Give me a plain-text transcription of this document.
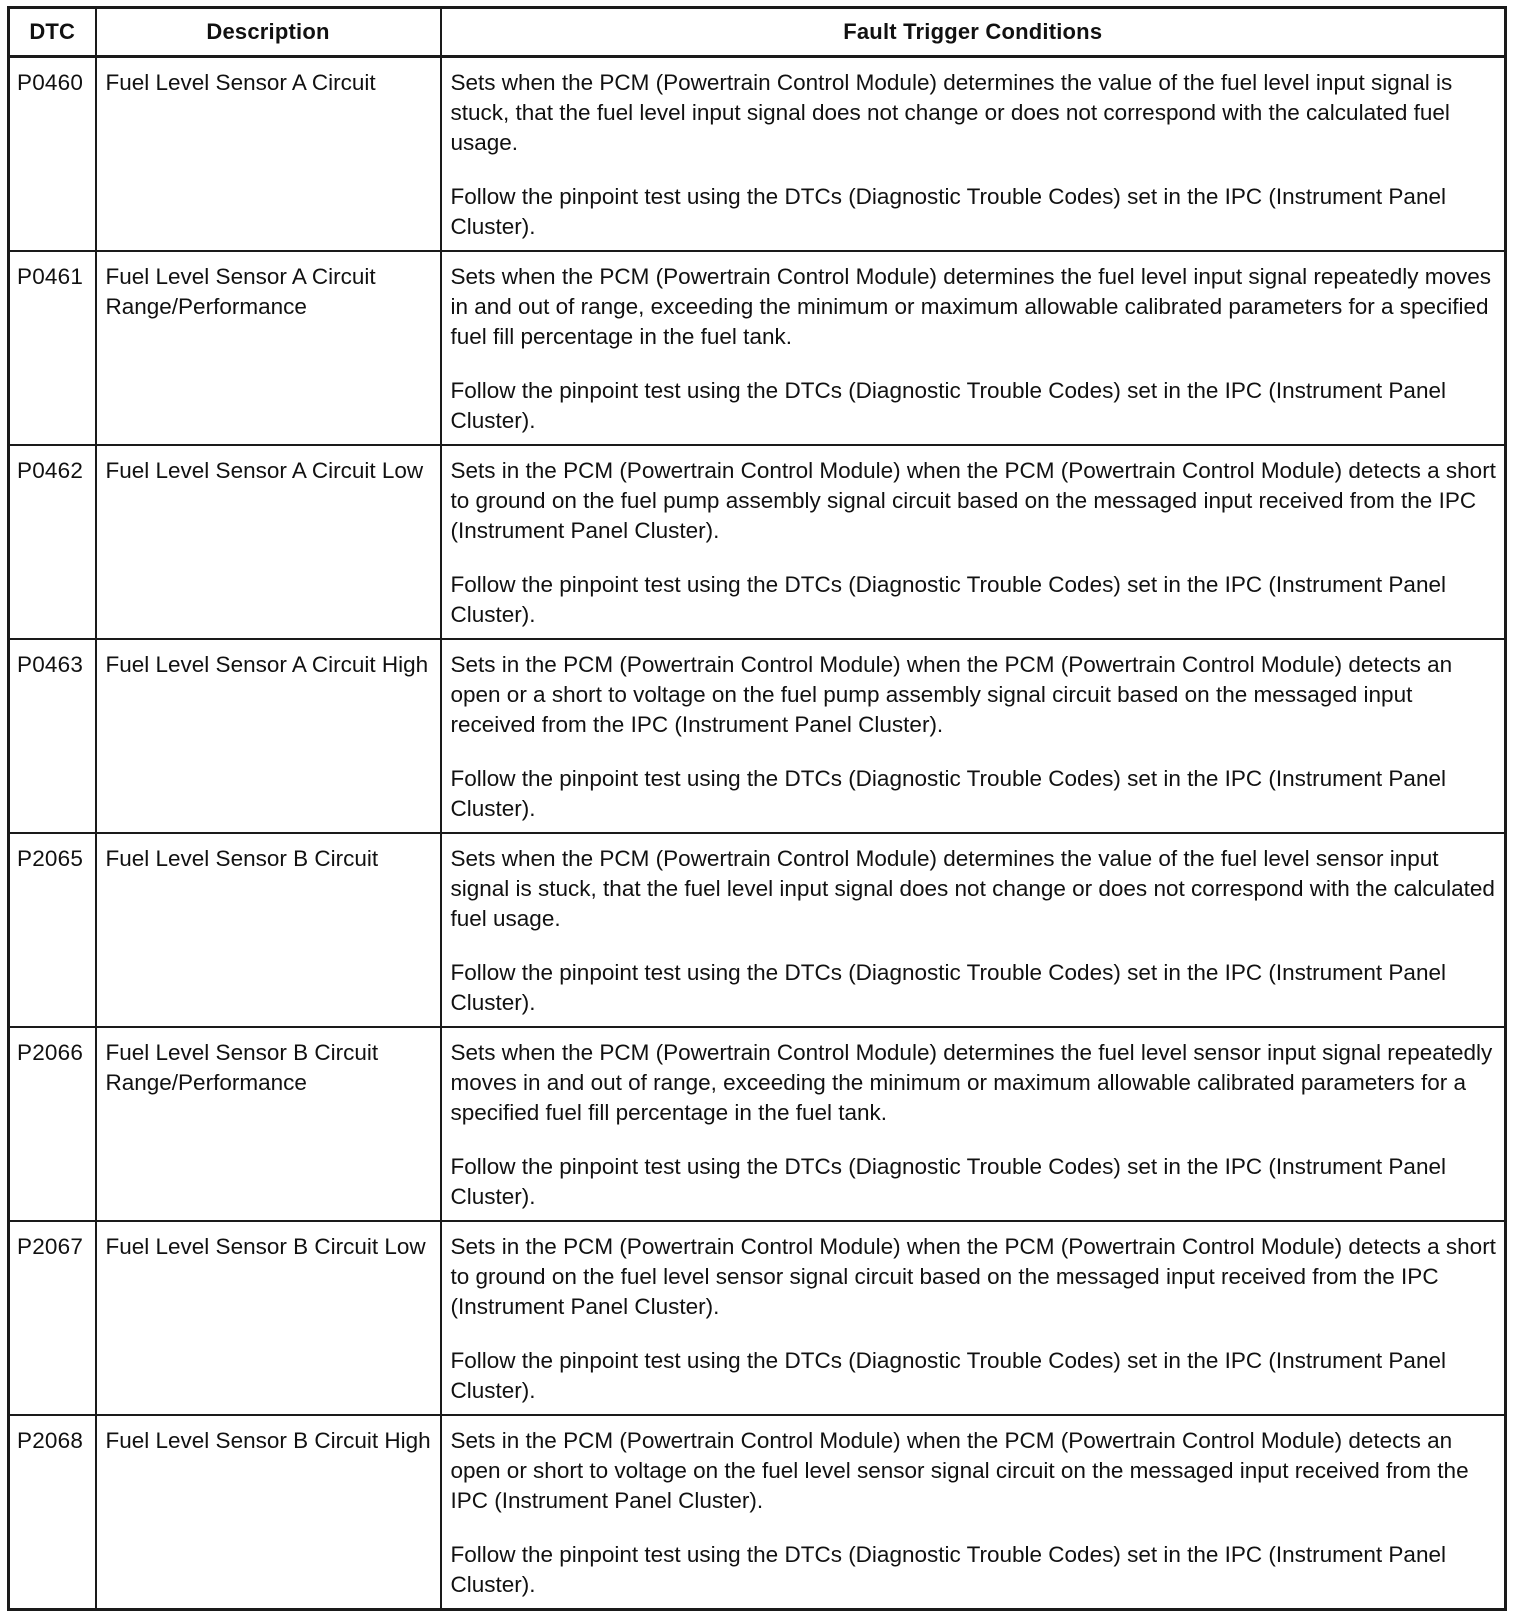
DTC	Description	Fault Trigger Conditions
P0460	Fuel Level Sensor A Circuit	Sets when the PCM (Powertrain Control Module) determines the value of the fuel level input signal is stuck, that the fuel level input signal does not change or does not correspond with the calculated fuel usage.

Follow the pinpoint test using the DTCs (Diagnostic Trouble Codes) set in the IPC (Instrument Panel Cluster).

P0461	Fuel Level Sensor A Circuit Range/Performance	Sets when the PCM (Powertrain Control Module) determines the fuel level input signal repeatedly moves in and out of range, exceeding the minimum or maximum allowable calibrated parameters for a specified fuel fill percentage in the fuel tank.

Follow the pinpoint test using the DTCs (Diagnostic Trouble Codes) set in the IPC (Instrument Panel Cluster).

P0462	Fuel Level Sensor A Circuit Low	Sets in the PCM (Powertrain Control Module) when the PCM (Powertrain Control Module) detects a short to ground on the fuel pump assembly signal circuit based on the messaged input received from the IPC (Instrument Panel Cluster).

Follow the pinpoint test using the DTCs (Diagnostic Trouble Codes) set in the IPC (Instrument Panel Cluster).

P0463	Fuel Level Sensor A Circuit High	Sets in the PCM (Powertrain Control Module) when the PCM (Powertrain Control Module) detects an open or a short to voltage on the fuel pump assembly signal circuit based on the messaged input received from the IPC (Instrument Panel Cluster).

Follow the pinpoint test using the DTCs (Diagnostic Trouble Codes) set in the IPC (Instrument Panel Cluster).

P2065	Fuel Level Sensor B Circuit	Sets when the PCM (Powertrain Control Module) determines the value of the fuel level sensor input signal is stuck, that the fuel level input signal does not change or does not correspond with the calculated fuel usage.

Follow the pinpoint test using the DTCs (Diagnostic Trouble Codes) set in the IPC (Instrument Panel Cluster).

P2066	Fuel Level Sensor B Circuit Range/Performance	Sets when the PCM (Powertrain Control Module) determines the fuel level sensor input signal repeatedly moves in and out of range, exceeding the minimum or maximum allowable calibrated parameters for a specified fuel fill percentage in the fuel tank.

Follow the pinpoint test using the DTCs (Diagnostic Trouble Codes) set in the IPC (Instrument Panel Cluster).

P2067	Fuel Level Sensor B Circuit Low	Sets in the PCM (Powertrain Control Module) when the PCM (Powertrain Control Module) detects a short to ground on the fuel level sensor signal circuit based on the messaged input received from the IPC (Instrument Panel Cluster).

Follow the pinpoint test using the DTCs (Diagnostic Trouble Codes) set in the IPC (Instrument Panel Cluster).

P2068	Fuel Level Sensor B Circuit High	Sets in the PCM (Powertrain Control Module) when the PCM (Powertrain Control Module) detects an open or short to voltage on the fuel level sensor signal circuit on the messaged input received from the IPC (Instrument Panel Cluster).

Follow the pinpoint test using the DTCs (Diagnostic Trouble Codes) set in the IPC (Instrument Panel Cluster).
